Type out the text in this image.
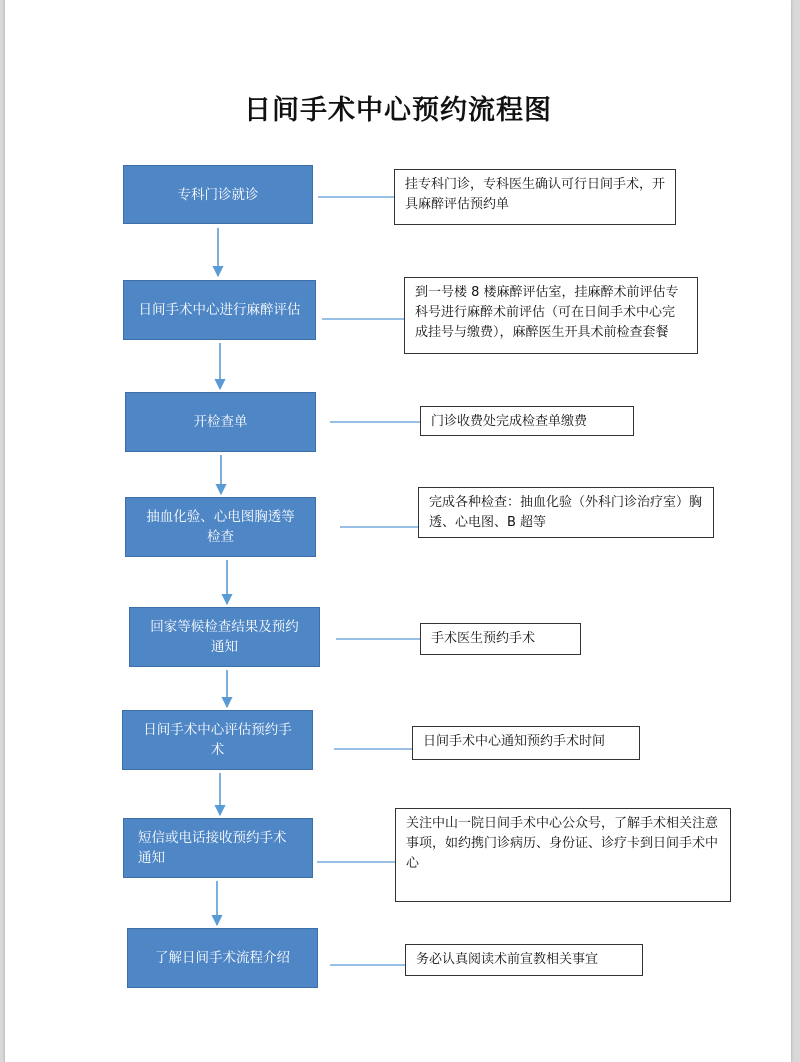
日间手术中心预约流程图
专科门诊就诊
挂专科门诊，专科医生确认可行日间手术，开具麻醉评估预约单
日间手术中心进行麻醉评估
到一号楼 8 楼麻醉评估室，挂麻醉术前评估专科号进行麻醉术前评估（可在日间手术中心完成挂号与缴费），麻醉医生开具术前检查套餐
开检查单	门诊收费处完成检查单缴费
抽血化验、心电图胸透等检查
完成各种检查：抽血化验（外科门诊治疗室）胸透、心电图、B 超等
回家等候检查结果及预约通知
手术医生预约手术
日间手术中心评估预约手术
日间手术中心通知预约手术时间
短信或电话接收预约手术通知
关注中山一院日间手术中心公众号，了解手术相关注意事项，如约携门诊病历、身份证、诊疗卡到日间手术中心
了解日间手术流程介绍	务必认真阅读术前宣教相关事宜
